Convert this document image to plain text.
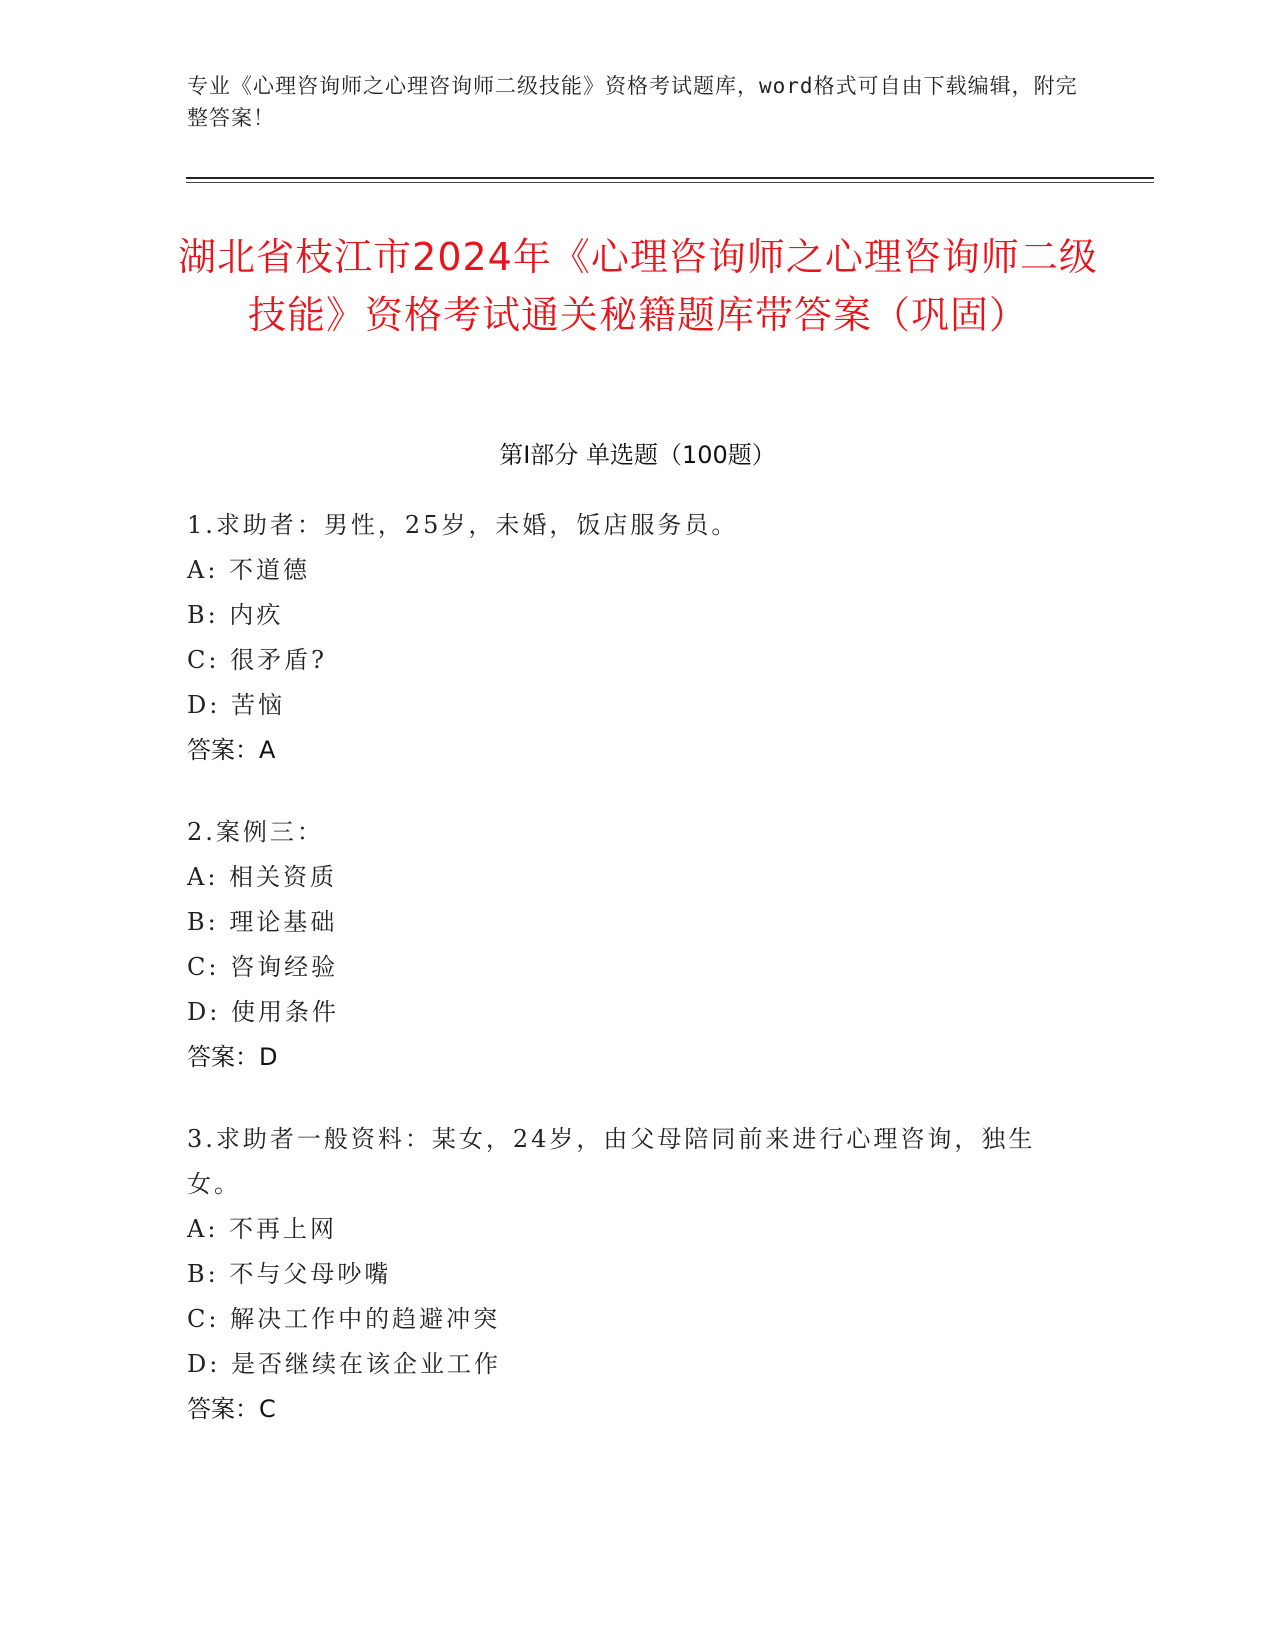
专业《心理咨询师之心理咨询师二级技能》资格考试题库，word格式可自由下载编辑，附完整答案！
湖北省枝江市2024年《心理咨询师之心理咨询师二级技能》资格考试通关秘籍题库带答案（巩固）
第Ⅰ部分 单选题（100题）
1.求助者：男性，25岁，未婚，饭店服务员。
A: 不道德
B: 内疚
C: 很矛盾?
D: 苦恼
答案：A
2.案例三：
A: 相关资质
B: 理论基础
C: 咨询经验
D: 使用条件
答案：D
3.求助者一般资料：某女，24岁，由父母陪同前来进行心理咨询，独生女。
A: 不再上网
B: 不与父母吵嘴
C: 解决工作中的趋避冲突
D: 是否继续在该企业工作
答案：C
